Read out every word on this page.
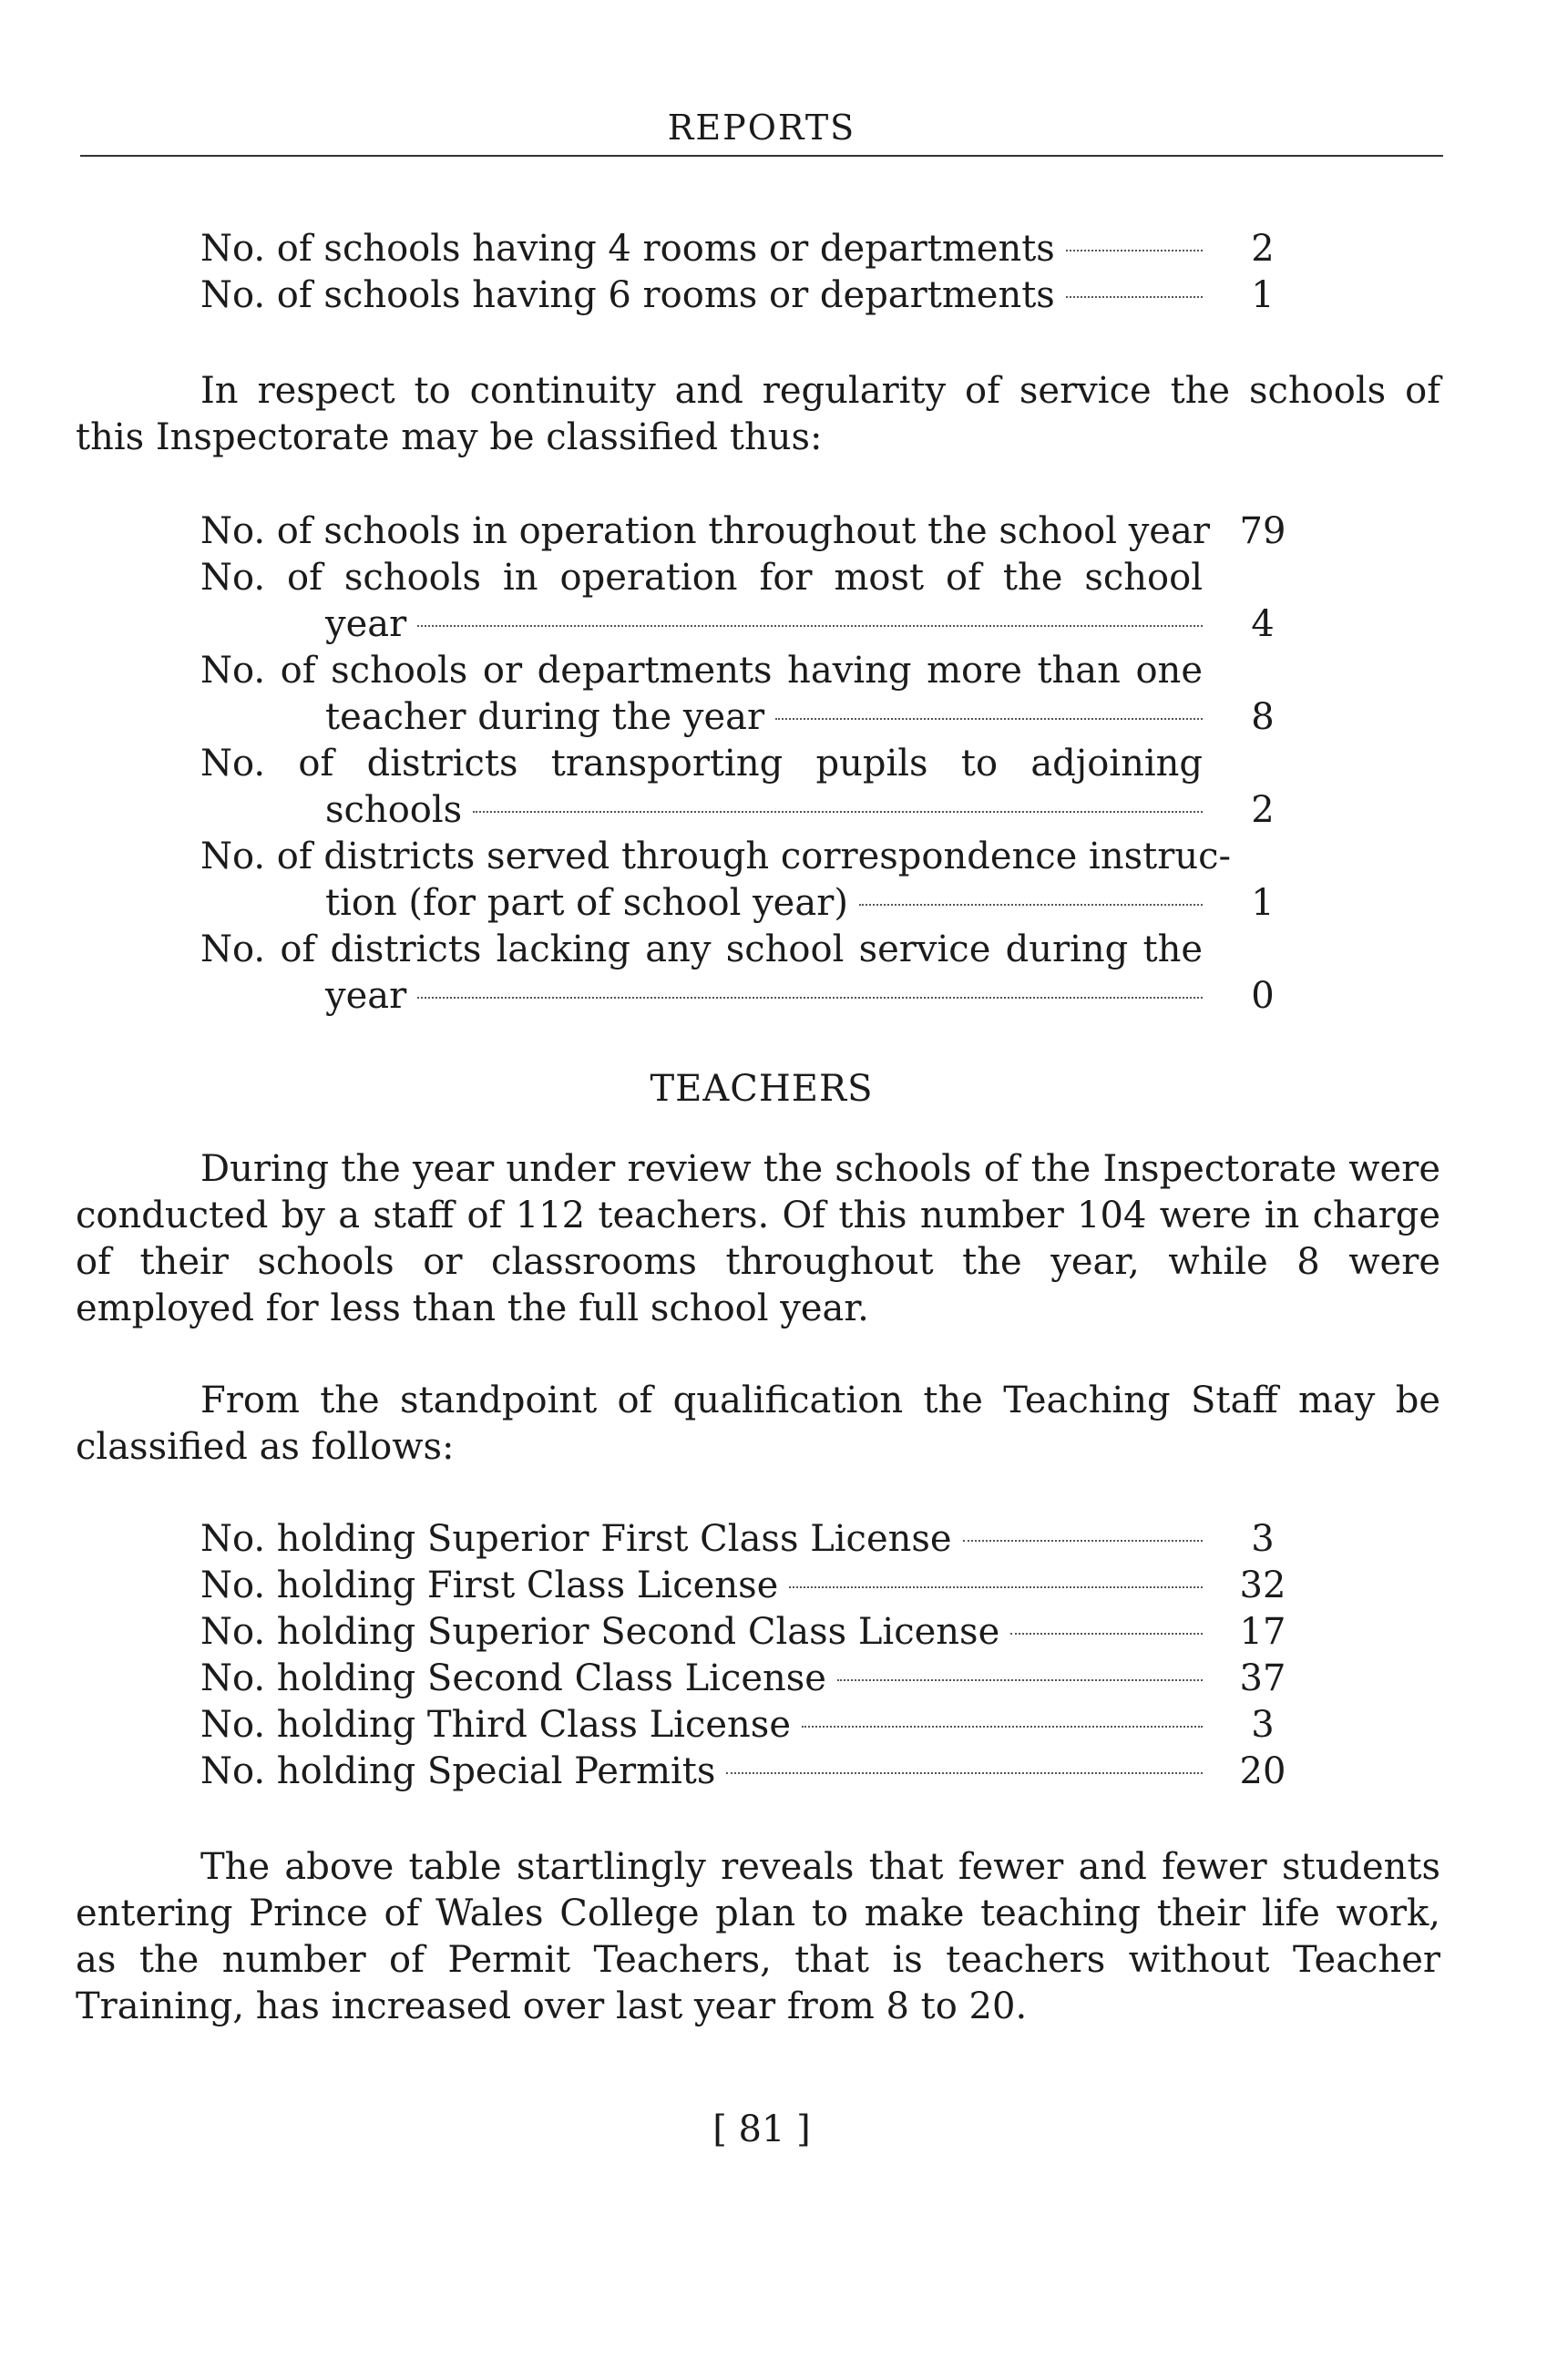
REPORTS
No. of schools having 4 rooms or departments	2
No. of schools having 6 rooms or departments	1
In respect to continuity and regularity of service the schools of this Inspectorate may be classified thus:
No. of schools in operation throughout the school year 79
No. of schools in operation for most of the school
year	4
No. of schools or departments having more than one
teacher during the year	8
No. of districts transporting pupils to adjoining
schools	2
No. of districts served through correspondence instruc-
tion (for part of school year)	1
No. of districts lacking any school service during the
year	0
TEACHERS
During the year under review the schools of the Inspectorate were conducted by a staff of 112 teachers. Of this number 104 were in charge of their schools or classrooms throughout the year, while 8 were employed for less than the full school year.
From the standpoint of qualification the Teaching Staff may be classified as follows:
No. holding Superior First Class License	3
No. holding First Class License	32
No. holding Superior Second Class License	17
No. holding Second Class License	37
No. holding Third Class License	3
No. holding Special Permits	20
The above table startlingly reveals that fewer and fewer students entering Prince of Wales College plan to make teaching their life work, as the number of Permit Teachers, that is teachers without Teacher Training, has increased over last year from 8 to 20.
[ 81 ]
